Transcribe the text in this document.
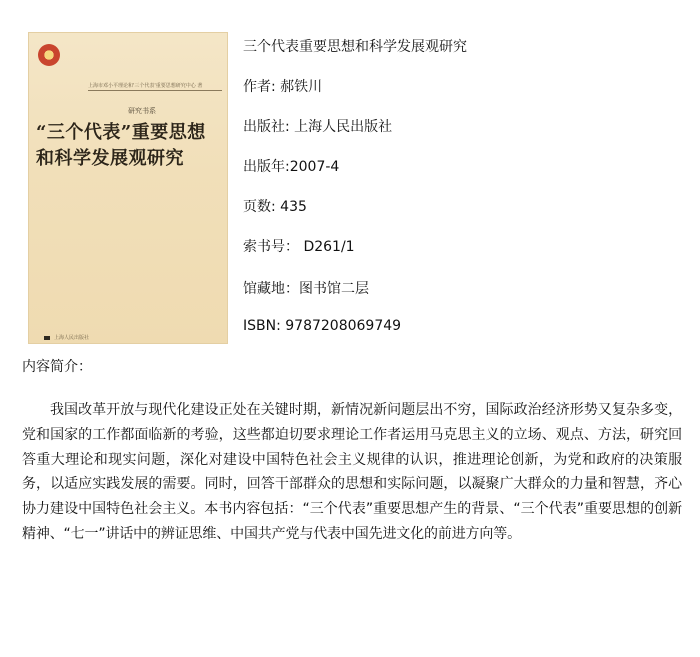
上海市邓小平理论和'三个代表'重要思想研究中心 著
研究书系
“三个代表”重要思想和科学发展观研究
上海人民出版社
三个代表重要思想和科学发展观研究
作者: 郝铁川
出版社: 上海人民出版社
出版年:2007-4
页数: 435
索书号： D261/1
馆藏地：图书馆二层
ISBN: 9787208069749
内容简介：
我国改革开放与现代化建设正处在关键时期，新情况新问题层出不穷，国际政治经济形势又复杂多变，党和国家的工作都面临新的考验，这些都迫切要求理论工作者运用马克思主义的立场、观点、方法，研究回答重大理论和现实问题，深化对建设中国特色社会主义规律的认识，推进理论创新，为党和政府的决策服务，以适应实践发展的需要。同时，回答干部群众的思想和实际问题，以凝聚广大群众的力量和智慧，齐心协力建设中国特色社会主义。本书内容包括：“三个代表”重要思想产生的背景、“三个代表”重要思想的创新精神、“七一”讲话中的辨证思维、中国共产党与代表中国先进文化的前进方向等。
